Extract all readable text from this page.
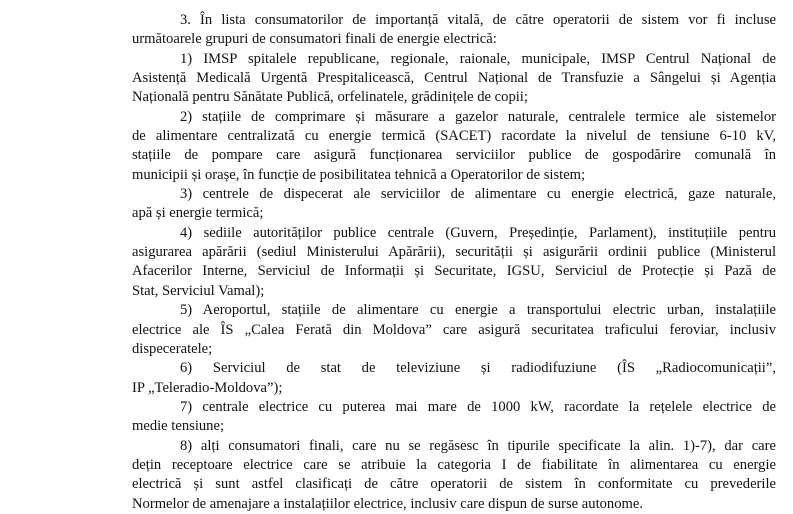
3. În lista consumatorilor de importanță vitală, de către operatorii de sistem vor fi incluse
următoarele grupuri de consumatori finali de energie electrică:
1) IMSP spitalele republicane, regionale, raionale, municipale, IMSP Centrul Național de
Asistență Medicală Urgentă Prespitalicească, Centrul Național de Transfuzie a Sângelui și Agenția
Națională pentru Sănătate Publică, orfelinatele, grădinițele de copii;
2) stațiile de comprimare și măsurare a gazelor naturale, centralele termice ale sistemelor
de alimentare centralizată cu energie termică (SACET) racordate la nivelul de tensiune 6-10 kV,
stațiile de pompare care asigură funcționarea serviciilor publice de gospodărire comunală în
municipii și orașe, în funcție de posibilitatea tehnică a Operatorilor de sistem;
3) centrele de dispecerat ale serviciilor de alimentare cu energie electrică, gaze naturale,
apă și energie termică;
4) sediile autorităților publice centrale (Guvern, Președinție, Parlament), instituțiile pentru
asigurarea apărării (sediul Ministerului Apărării), securității și asigurării ordinii publice (Ministerul
Afacerilor Interne, Serviciul de Informații și Securitate, IGSU, Serviciul de Protecție și Pază de
Stat, Serviciul Vamal);
5) Aeroportul, stațiile de alimentare cu energie a transportului electric urban, instalațiile
electrice ale ÎS „Calea Ferată din Moldova” care asigură securitatea traficului feroviar, inclusiv
dispeceratele;
6) Serviciul de stat de televiziune și radiodifuziune (ÎS „Radiocomunicații”,
IP „Teleradio-Moldova”);
7) centrale electrice cu puterea mai mare de 1000 kW, racordate la rețelele electrice de
medie tensiune;
8) alți consumatori finali, care nu se regăsesc în tipurile specificate la alin. 1)-7), dar care
dețin receptoare electrice care se atribuie la categoria I de fiabilitate în alimentarea cu energie
electrică și sunt astfel clasificați de către operatorii de sistem în conformitate cu prevederile
Normelor de amenajare a instalațiilor electrice, inclusiv care dispun de surse autonome.
